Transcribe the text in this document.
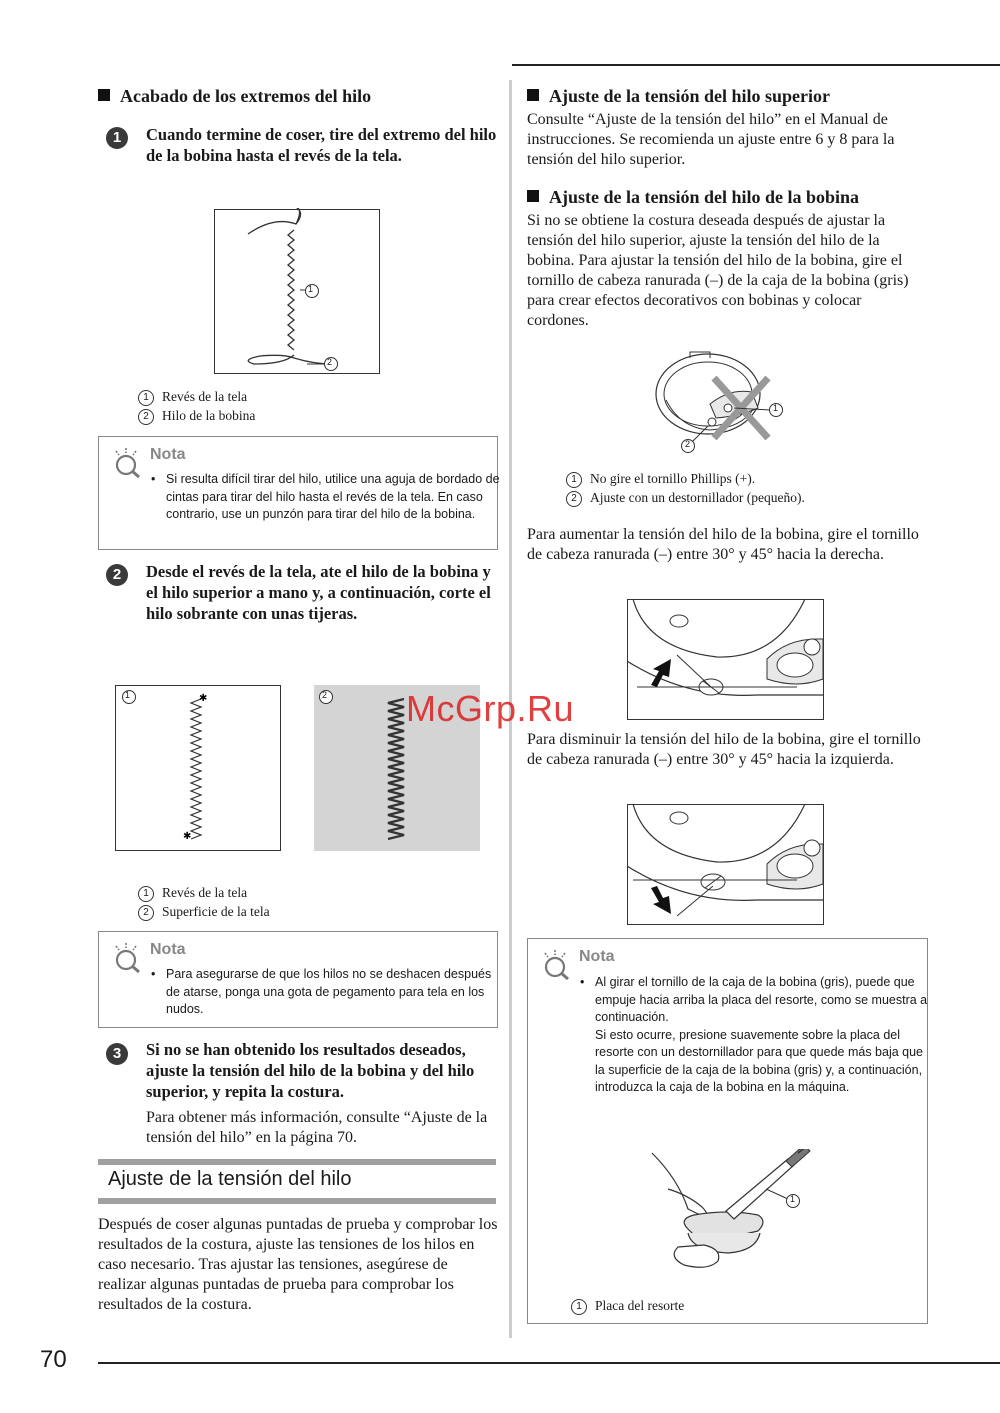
Acabado de los extremos del hilo
1	Cuando termine de coser, tire del extremo del hilo de la bobina hasta el revés de la tela.
1
2
1 Revés de la tela
2 Hilo de la bobina
Nota
• Si resulta difícil tirar del hilo, utilice una aguja de bordado de cintas para tirar del hilo hasta el revés de la tela. En caso contrario, use un punzón para tirar del hilo de la bobina.
2	Desde el revés de la tela, ate el hilo de la bobina y el hilo superior a mano y, a continuación, corte el hilo sobrante con unas tijeras.
✱
✱
1	2
1 Revés de la tela
2 Superficie de la tela
Nota
• Para asegurarse de que los hilos no se deshacen después de atarse, ponga una gota de pegamento para tela en los nudos.
3	Si no se han obtenido los resultados deseados, ajuste la tensión del hilo de la bobina y del hilo superior, y repita la costura.
Para obtener más información, consulte “Ajuste de la tensión del hilo” en la página 70.
Ajuste de la tensión del hilo
Después de coser algunas puntadas de prueba y comprobar los resultados de la costura, ajuste las tensiones de los hilos en caso necesario. Tras ajustar las tensiones, asegúrese de realizar algunas puntadas de prueba para comprobar los resultados de la costura.
Ajuste de la tensión del hilo superior
Consulte “Ajuste de la tensión del hilo” en el Manual de instrucciones. Se recomienda un ajuste entre 6 y 8 para la tensión del hilo superior.
Ajuste de la tensión del hilo de la bobina
Si no se obtiene la costura deseada después de ajustar la tensión del hilo superior, ajuste la tensión del hilo de la bobina. Para ajustar la tensión del hilo de la bobina, gire el tornillo de cabeza ranurada (–) de la caja de la bobina (gris) para crear efectos decorativos con bobinas y colocar cordones.
1
2
1 No gire el tornillo Phillips (+).
2 Ajuste con un destornillador (pequeño).
Para aumentar la tensión del hilo de la bobina, gire el tornillo de cabeza ranurada (–) entre 30° y 45° hacia la derecha.
Para disminuir la tensión del hilo de la bobina, gire el tornillo de cabeza ranurada (–) entre 30° y 45° hacia la izquierda.
Nota
• Al girar el tornillo de la caja de la bobina (gris), puede que empuje hacia arriba la placa del resorte, como se muestra a continuación.
Si esto ocurre, presione suavemente sobre la placa del resorte con un destornillador para que quede más baja que la superficie de la caja de la bobina (gris) y, a continuación, introduzca la caja de la bobina en la máquina.
1
1 Placa del resorte
McGrp.Ru
70
